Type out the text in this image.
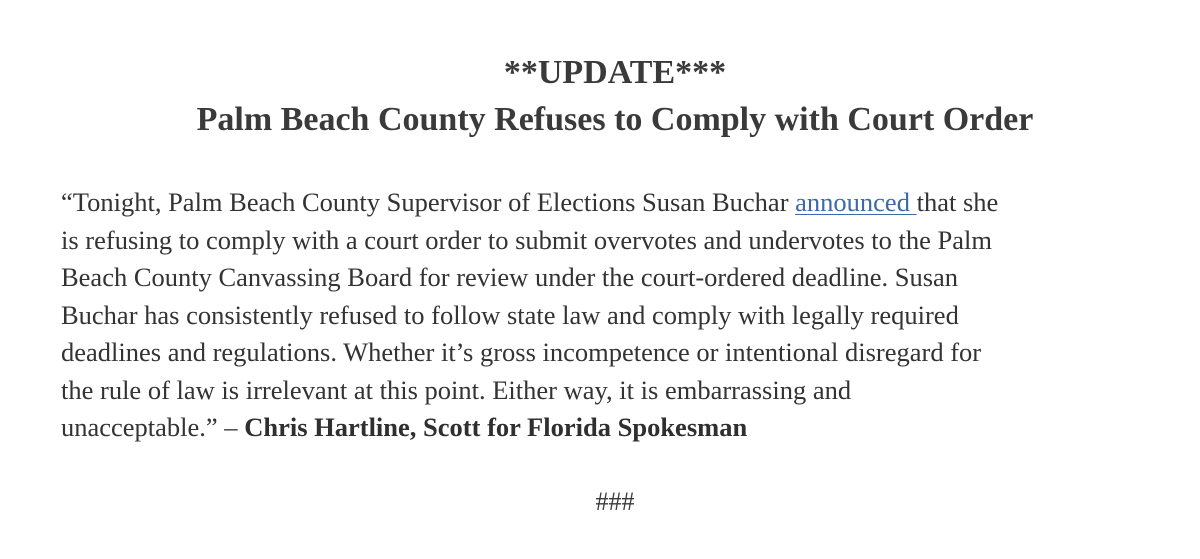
**UPDATE***
Palm Beach County Refuses to Comply with Court Order
“Tonight, Palm Beach County Supervisor of Elections Susan Buchar announced that she
is refusing to comply with a court order to submit overvotes and undervotes to the Palm
Beach County Canvassing Board for review under the court-ordered deadline. Susan
Buchar has consistently refused to follow state law and comply with legally required
deadlines and regulations. Whether it’s gross incompetence or intentional disregard for
the rule of law is irrelevant at this point. Either way, it is embarrassing and
unacceptable.” – Chris Hartline, Scott for Florida Spokesman
###
